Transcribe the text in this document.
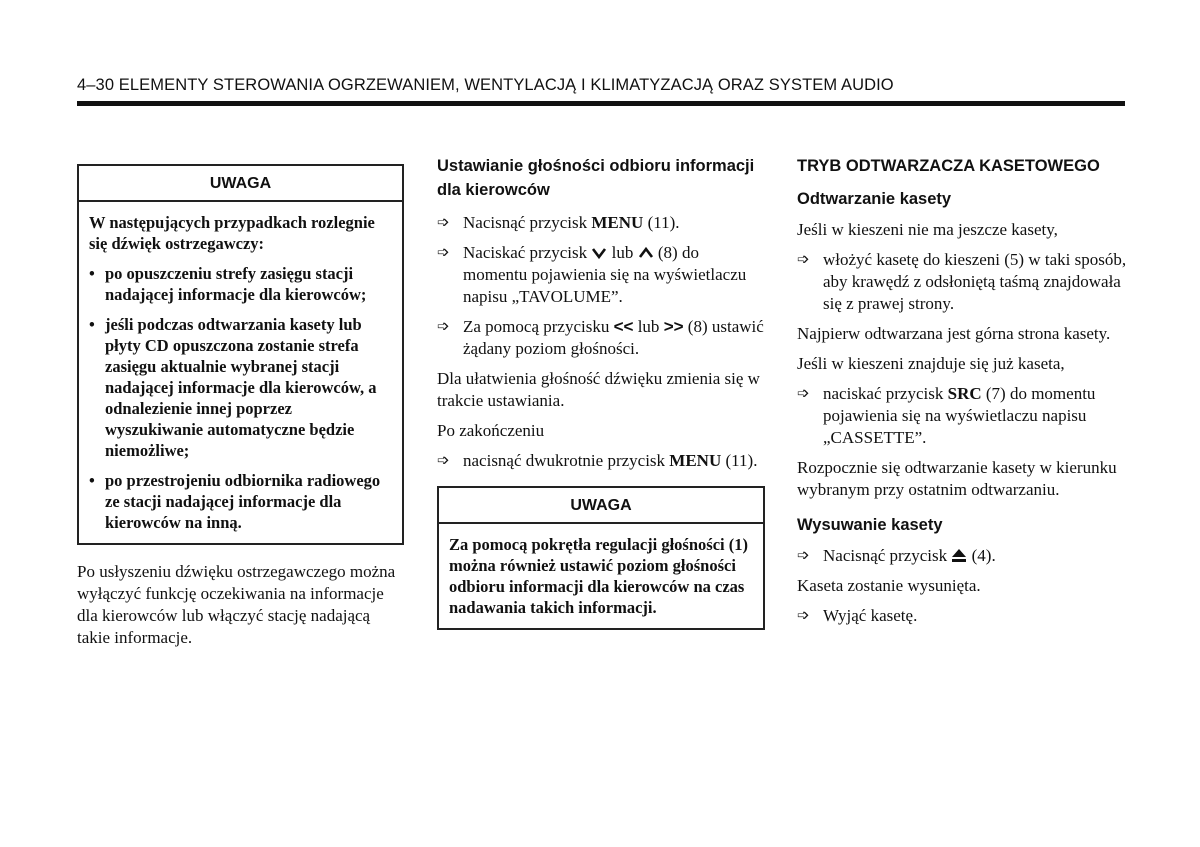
4–30 ELEMENTY STEROWANIA OGRZEWANIEM, WENTYLACJĄ I KLIMATYZACJĄ ORAZ SYSTEM AUDIO
UWAGA

W następujących przypadkach rozlegnie się dźwięk ostrzegawczy:

• po opuszczeniu strefy zasięgu stacji nadającej informacje dla kierowców;
• jeśli podczas odtwarzania kasety lub płyty CD opuszczona zostanie strefa zasięgu aktualnie wybranej stacji nadającej informacje dla kierowców, a odnalezienie innej poprzez wyszukiwanie automatyczne będzie niemożliwe;
• po przestrojeniu odbiornika radiowego ze stacji nadającej informacje dla kierowców na inną.

Po usłyszeniu dźwięku ostrzegawczego można wyłączyć funkcję oczekiwania na informacje dla kierowców lub włączyć stację nadającą takie informacje.

Ustawianie głośności odbioru informacji dla kierowców
➩ Nacisnąć przycisk MENU (11).
➩ Naciskać przycisk  lub  (8) do momentu pojawienia się na wyświetlaczu napisu „TAVOLUME”.
➩ Za pomocą przycisku << lub >> (8) ustawić żądany poziom głośności.

Dla ułatwienia głośność dźwięku zmienia się w trakcie ustawiania.

Po zakończeniu

➩ nacisnąć dwukrotnie przycisk MENU (11).
UWAGA

Za pomocą pokrętła regulacji głośności (1) można również ustawić poziom głośności odbioru informacji dla kierowców na czas nadawania takich informacji.

TRYB ODTWARZACZA KASETOWEGO
Odtwarzanie kasety

Jeśli w kieszeni nie ma jeszcze kasety,

➩ włożyć kasetę do kieszeni (5) w taki sposób, aby krawędź z odsłoniętą taśmą znajdowała się z prawej strony.

Najpierw odtwarzana jest górna strona kasety.

Jeśli w kieszeni znajduje się już kaseta,

➩ naciskać przycisk SRC (7) do momentu pojawienia się na wyświetlaczu napisu „CASSETTE”.

Rozpocznie się odtwarzanie kasety w kierunku wybranym przy ostatnim odtwarzaniu.

Wysuwanie kasety
➩ Nacisnąć przycisk  (4).

Kaseta zostanie wysunięta.

➩ Wyjąć kasetę.
